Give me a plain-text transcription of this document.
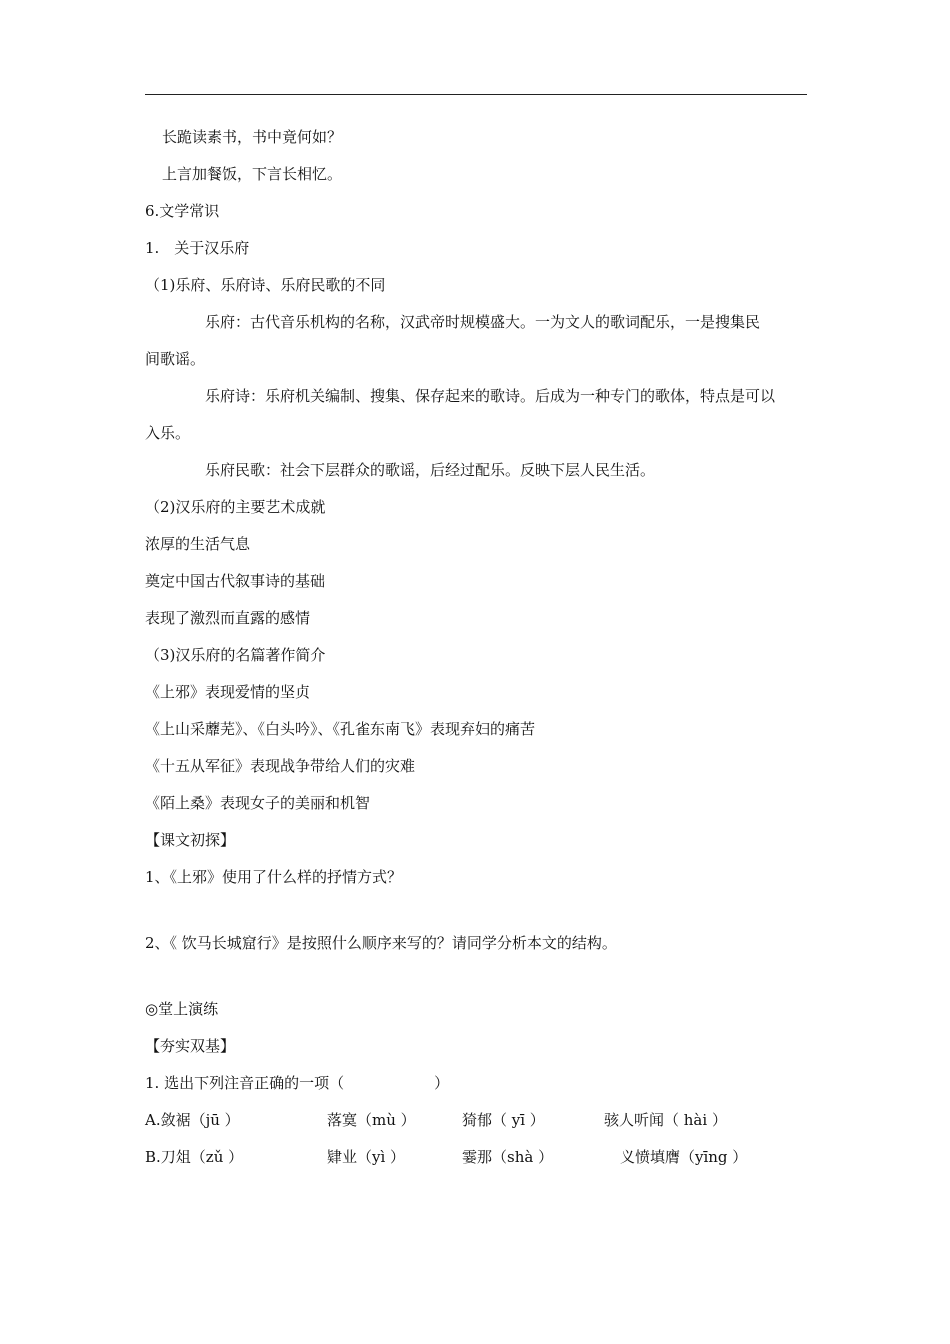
长跪读素书，书中竟何如？
上言加餐饭，下言长相忆。
6.文学常识
1.　关于汉乐府
（1)乐府、乐府诗、乐府民歌的不同
乐府：古代音乐机构的名称，汉武帝时规模盛大。一为文人的歌词配乐，一是搜集民
间歌谣。
乐府诗：乐府机关编制、搜集、保存起来的歌诗。后成为一种专门的歌体，特点是可以
入乐。
乐府民歌：社会下层群众的歌谣，后经过配乐。反映下层人民生活。
（2)汉乐府的主要艺术成就
浓厚的生活气息
奠定中国古代叙事诗的基础
表现了激烈而直露的感情
（3)汉乐府的名篇著作简介
《上邪》表现爱情的坚贞
《上山采蘼芜》、《白头吟》、《孔雀东南飞》表现弃妇的痛苦
《十五从军征》表现战争带给人们的灾难
《陌上桑》表现女子的美丽和机智
【课文初探】
1、《上邪》使用了什么样的抒情方式？
2、《 饮马长城窟行》是按照什么顺序来写的？请同学分析本文的结构。
◎堂上演练
【夯实双基】
1. 选出下列注音正确的一项（　　　　　　）
A.敛裾（jū ）	落寞（mù ）	猗郁（ yī ）	骇人听闻（ hài ）
B.刀俎（zǔ ）	肄业（yì ）	霎那（shà ）	义愤填膺（yīng ）
